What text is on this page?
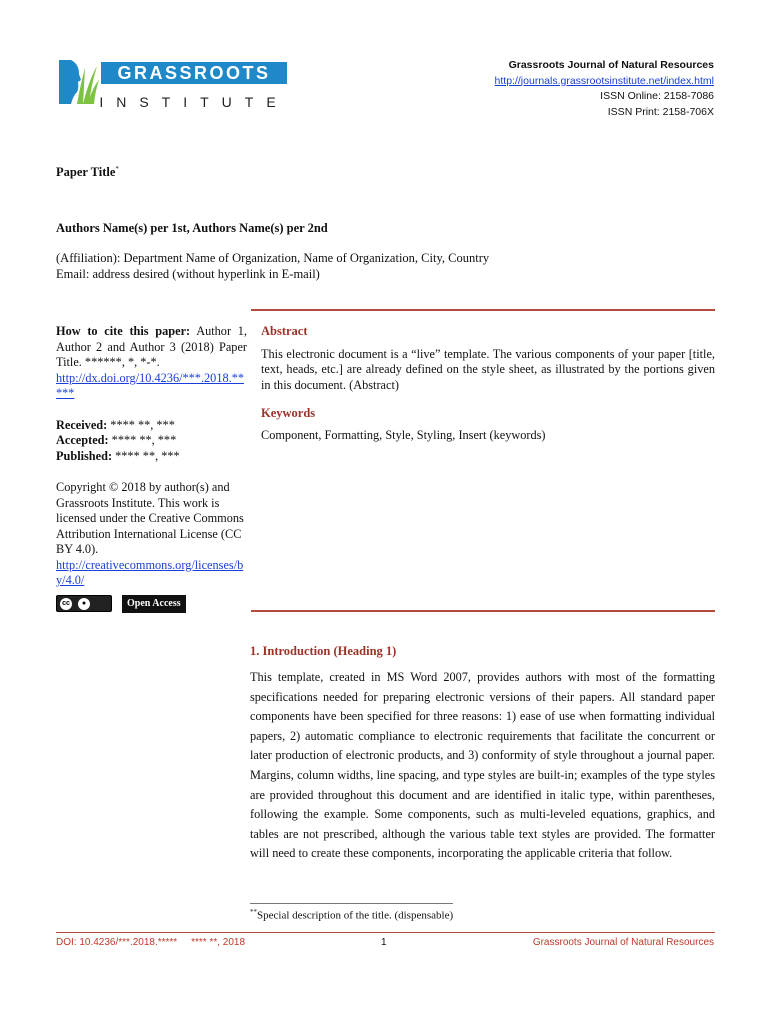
GRASSROOTS
INSTITUTE
Grassroots Journal of Natural Resources
http://journals.grassrootsinstitute.net/index.html
ISSN Online: 2158-7086
ISSN Print: 2158-706X
Paper Title*
Authors Name(s) per 1st, Authors Name(s) per 2nd
(Affiliation): Department Name of Organization, Name of Organization, City, Country
Email: address desired (without hyperlink in E-mail)
How to cite this paper: Author 1, Author 2 and Author 3 (2018) Paper Title. ******, *, *-*.
http://dx.doi.org/10.4236/***.2018.*****
Received: **** **, ***
Accepted: **** **, ***
Published: **** **, ***
Copyright © 2018 by author(s) and Grassroots Institute. This work is licensed under the Creative Commons Attribution International License (CC BY 4.0).
http://creativecommons.org/licenses/by/4.0/
cc	●	Open Access
Abstract
This electronic document is a “live” template. The various components of your paper [title, text, heads, etc.] are already defined on the style sheet, as illustrated by the portions given in this document. (Abstract)
Keywords
Component, Formatting, Style, Styling, Insert (keywords)
1. Introduction (Heading 1)
This template, created in MS Word 2007, provides authors with most of the formatting specifications needed for preparing electronic versions of their papers. All standard paper components have been specified for three reasons: 1) ease of use when formatting individual papers, 2) automatic compliance to electronic requirements that facilitate the concurrent or later production of electronic products, and 3) conformity of style throughout a journal paper. Margins, column widths, line spacing, and type styles are built-in; examples of the type styles are provided throughout this document and are identified in italic type, within parentheses, following the example. Some components, such as multi-leveled equations, graphics, and tables are not prescribed, although the various table text styles are provided. The formatter will need to create these components, incorporating the applicable criteria that follow.
**Special description of the title. (dispensable)
DOI: 10.4236/***.2018.***** **** **, 2018	1	Grassroots Journal of Natural Resources
